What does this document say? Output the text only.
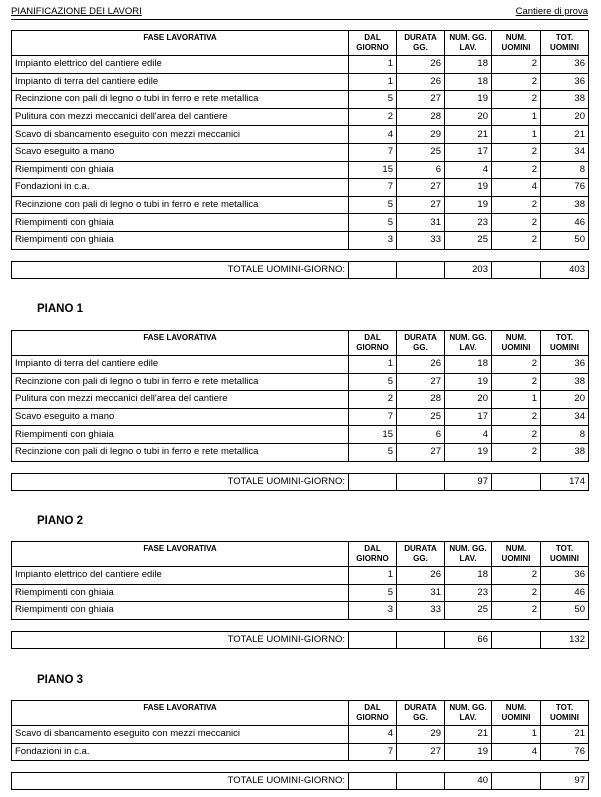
PIANIFICAZIONE DEI LAVORI	Cantiere di prova
FASE LAVORATIVA	DAL GIORNO	DURATA GG.	NUM. GG. LAV.	NUM. UOMINI	TOT. UOMINI
Impianto elettrico del cantiere edile	1	26	18	2	36
Impianto di terra del cantiere edile	1	26	18	2	36
Recinzione con pali di legno o tubi in ferro e rete metallica	5	27	19	2	38
Pulitura con mezzi meccanici dell'area del cantiere	2	28	20	1	20
Scavo di sbancamento eseguito con mezzi meccanici	4	29	21	1	21
Scavo eseguito a mano	7	25	17	2	34
Riempimenti con ghiaia	15	6	4	2	8
Fondazioni in c.a.	7	27	19	4	76
Recinzione con pali di legno o tubi in ferro e rete metallica	5	27	19	2	38
Riempimenti con ghiaia	5	31	23	2	46
Riempimenti con ghiaia	3	33	25	2	50
TOTALE UOMINI-GIORNO:			203		403
PIANO 1
FASE LAVORATIVA	DAL GIORNO	DURATA GG.	NUM. GG. LAV.	NUM. UOMINI	TOT. UOMINI
Impianto di terra del cantiere edile	1	26	18	2	36
Recinzione con pali di legno o tubi in ferro e rete metallica	5	27	19	2	38
Pulitura con mezzi meccanici dell'area del cantiere	2	28	20	1	20
Scavo eseguito a mano	7	25	17	2	34
Riempimenti con ghiaia	15	6	4	2	8
Recinzione con pali di legno o tubi in ferro e rete metallica	5	27	19	2	38
TOTALE UOMINI-GIORNO:			97		174
PIANO 2
FASE LAVORATIVA	DAL GIORNO	DURATA GG.	NUM. GG. LAV.	NUM. UOMINI	TOT. UOMINI
Impianto elettrico del cantiere edile	1	26	18	2	36
Riempimenti con ghiaia	5	31	23	2	46
Riempimenti con ghiaia	3	33	25	2	50
TOTALE UOMINI-GIORNO:			66		132
PIANO 3
FASE LAVORATIVA	DAL GIORNO	DURATA GG.	NUM. GG. LAV.	NUM. UOMINI	TOT. UOMINI
Scavo di sbancamento eseguito con mezzi meccanici	4	29	21	1	21
Fondazioni in c.a.	7	27	19	4	76
TOTALE UOMINI-GIORNO:			40		97
